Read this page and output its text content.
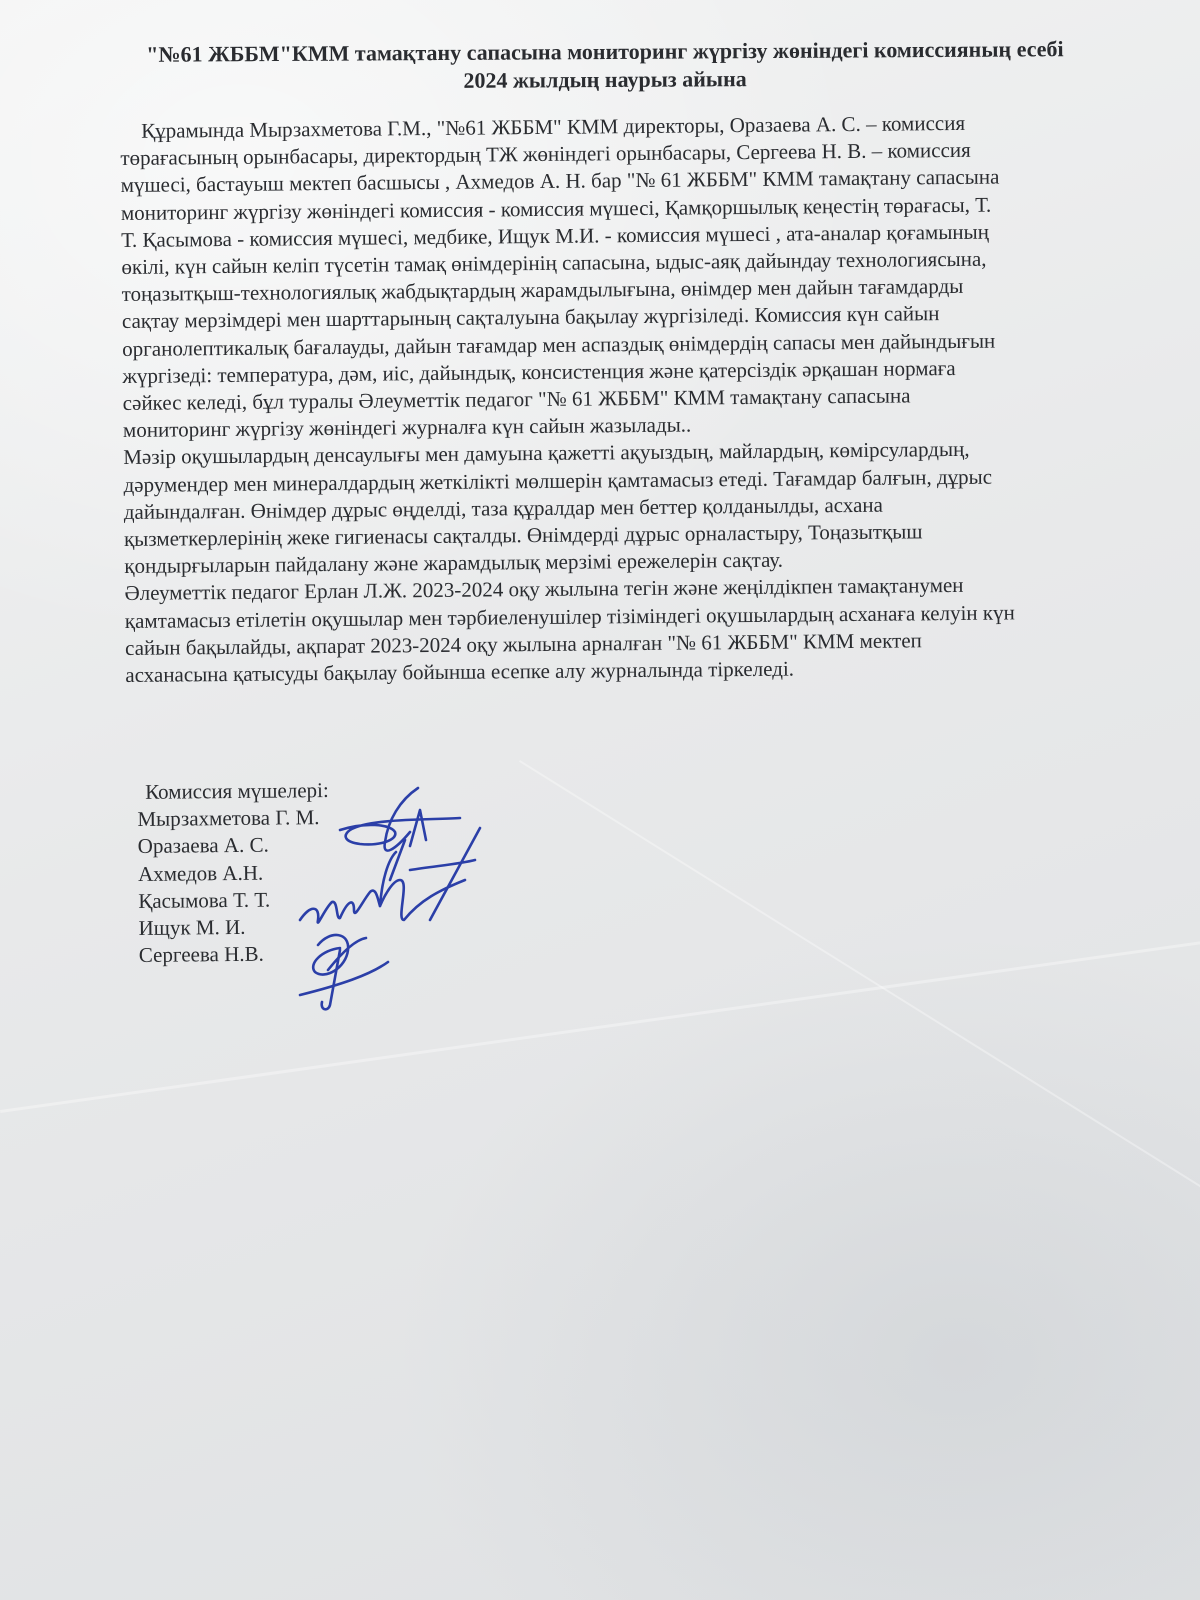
"№61 ЖББМ"КММ тамақтану сапасына мониторинг жүргізу жөніндегі комиссияның есебі
2024 жылдың наурыз айына
Құрамында Мырзахметова Г.М., "№61 ЖББМ" КММ директоры, Оразаева А. С. – комиссия
төрағасының орынбасары, директордың ТЖ жөніндегі орынбасары, Сергеева Н. В. – комиссия
мүшесі, бастауыш мектеп басшысы , Ахмедов А. Н. бар "№ 61 ЖББМ" КММ тамақтану сапасына
мониторинг жүргізу жөніндегі комиссия - комиссия мүшесі, Қамқоршылық кеңестің төрағасы, Т.
Т. Қасымова - комиссия мүшесі, медбике, Ищук М.И. - комиссия мүшесі , ата-аналар қоғамының
өкілі, күн сайын келіп түсетін тамақ өнімдерінің сапасына, ыдыс-аяқ дайындау технологиясына,
тоңазытқыш-технологиялық жабдықтардың жарамдылығына, өнімдер мен дайын тағамдарды
сақтау мерзімдері мен шарттарының сақталуына бақылау жүргізіледі. Комиссия күн сайын
органолептикалық бағалауды, дайын тағамдар мен аспаздық өнімдердің сапасы мен дайындығын
жүргізеді: температура, дәм, иіс, дайындық, консистенция және қатерсіздік әрқашан нормаға
сәйкес келеді, бұл туралы Әлеуметтік педагог "№ 61 ЖББМ" КММ тамақтану сапасына
мониторинг жүргізу жөніндегі журналға күн сайын жазылады..
Мәзір оқушылардың денсаулығы мен дамуына қажетті ақуыздың, майлардың, көмірсулардың,
дәрумендер мен минералдардың жеткілікті мөлшерін қамтамасыз етеді. Тағамдар балғын, дұрыс
дайындалған. Өнімдер дұрыс өңделді, таза құралдар мен беттер қолданылды, асхана
қызметкерлерінің жеке гигиенасы сақталды. Өнімдерді дұрыс орналастыру, Тоңазытқыш
қондырғыларын пайдалану және жарамдылық мерзімі ережелерін сақтау.
Әлеуметтік педагог Ерлан Л.Ж. 2023-2024 оқу жылына тегін және жеңілдікпен тамақтанумен
қамтамасыз етілетін оқушылар мен тәрбиеленушілер тізіміндегі оқушылардың асханаға келуін күн
сайын бақылайды, ақпарат 2023-2024 оқу жылына арналған "№ 61 ЖББМ" КММ мектеп
асханасына қатысуды бақылау бойынша есепке алу журналында тіркеледі.
Комиссия мүшелері:
Мырзахметова Г. М.
Оразаева А. С.
Ахмедов А.Н.
Қасымова Т. Т.
Ищук М. И.
Сергеева Н.В.
